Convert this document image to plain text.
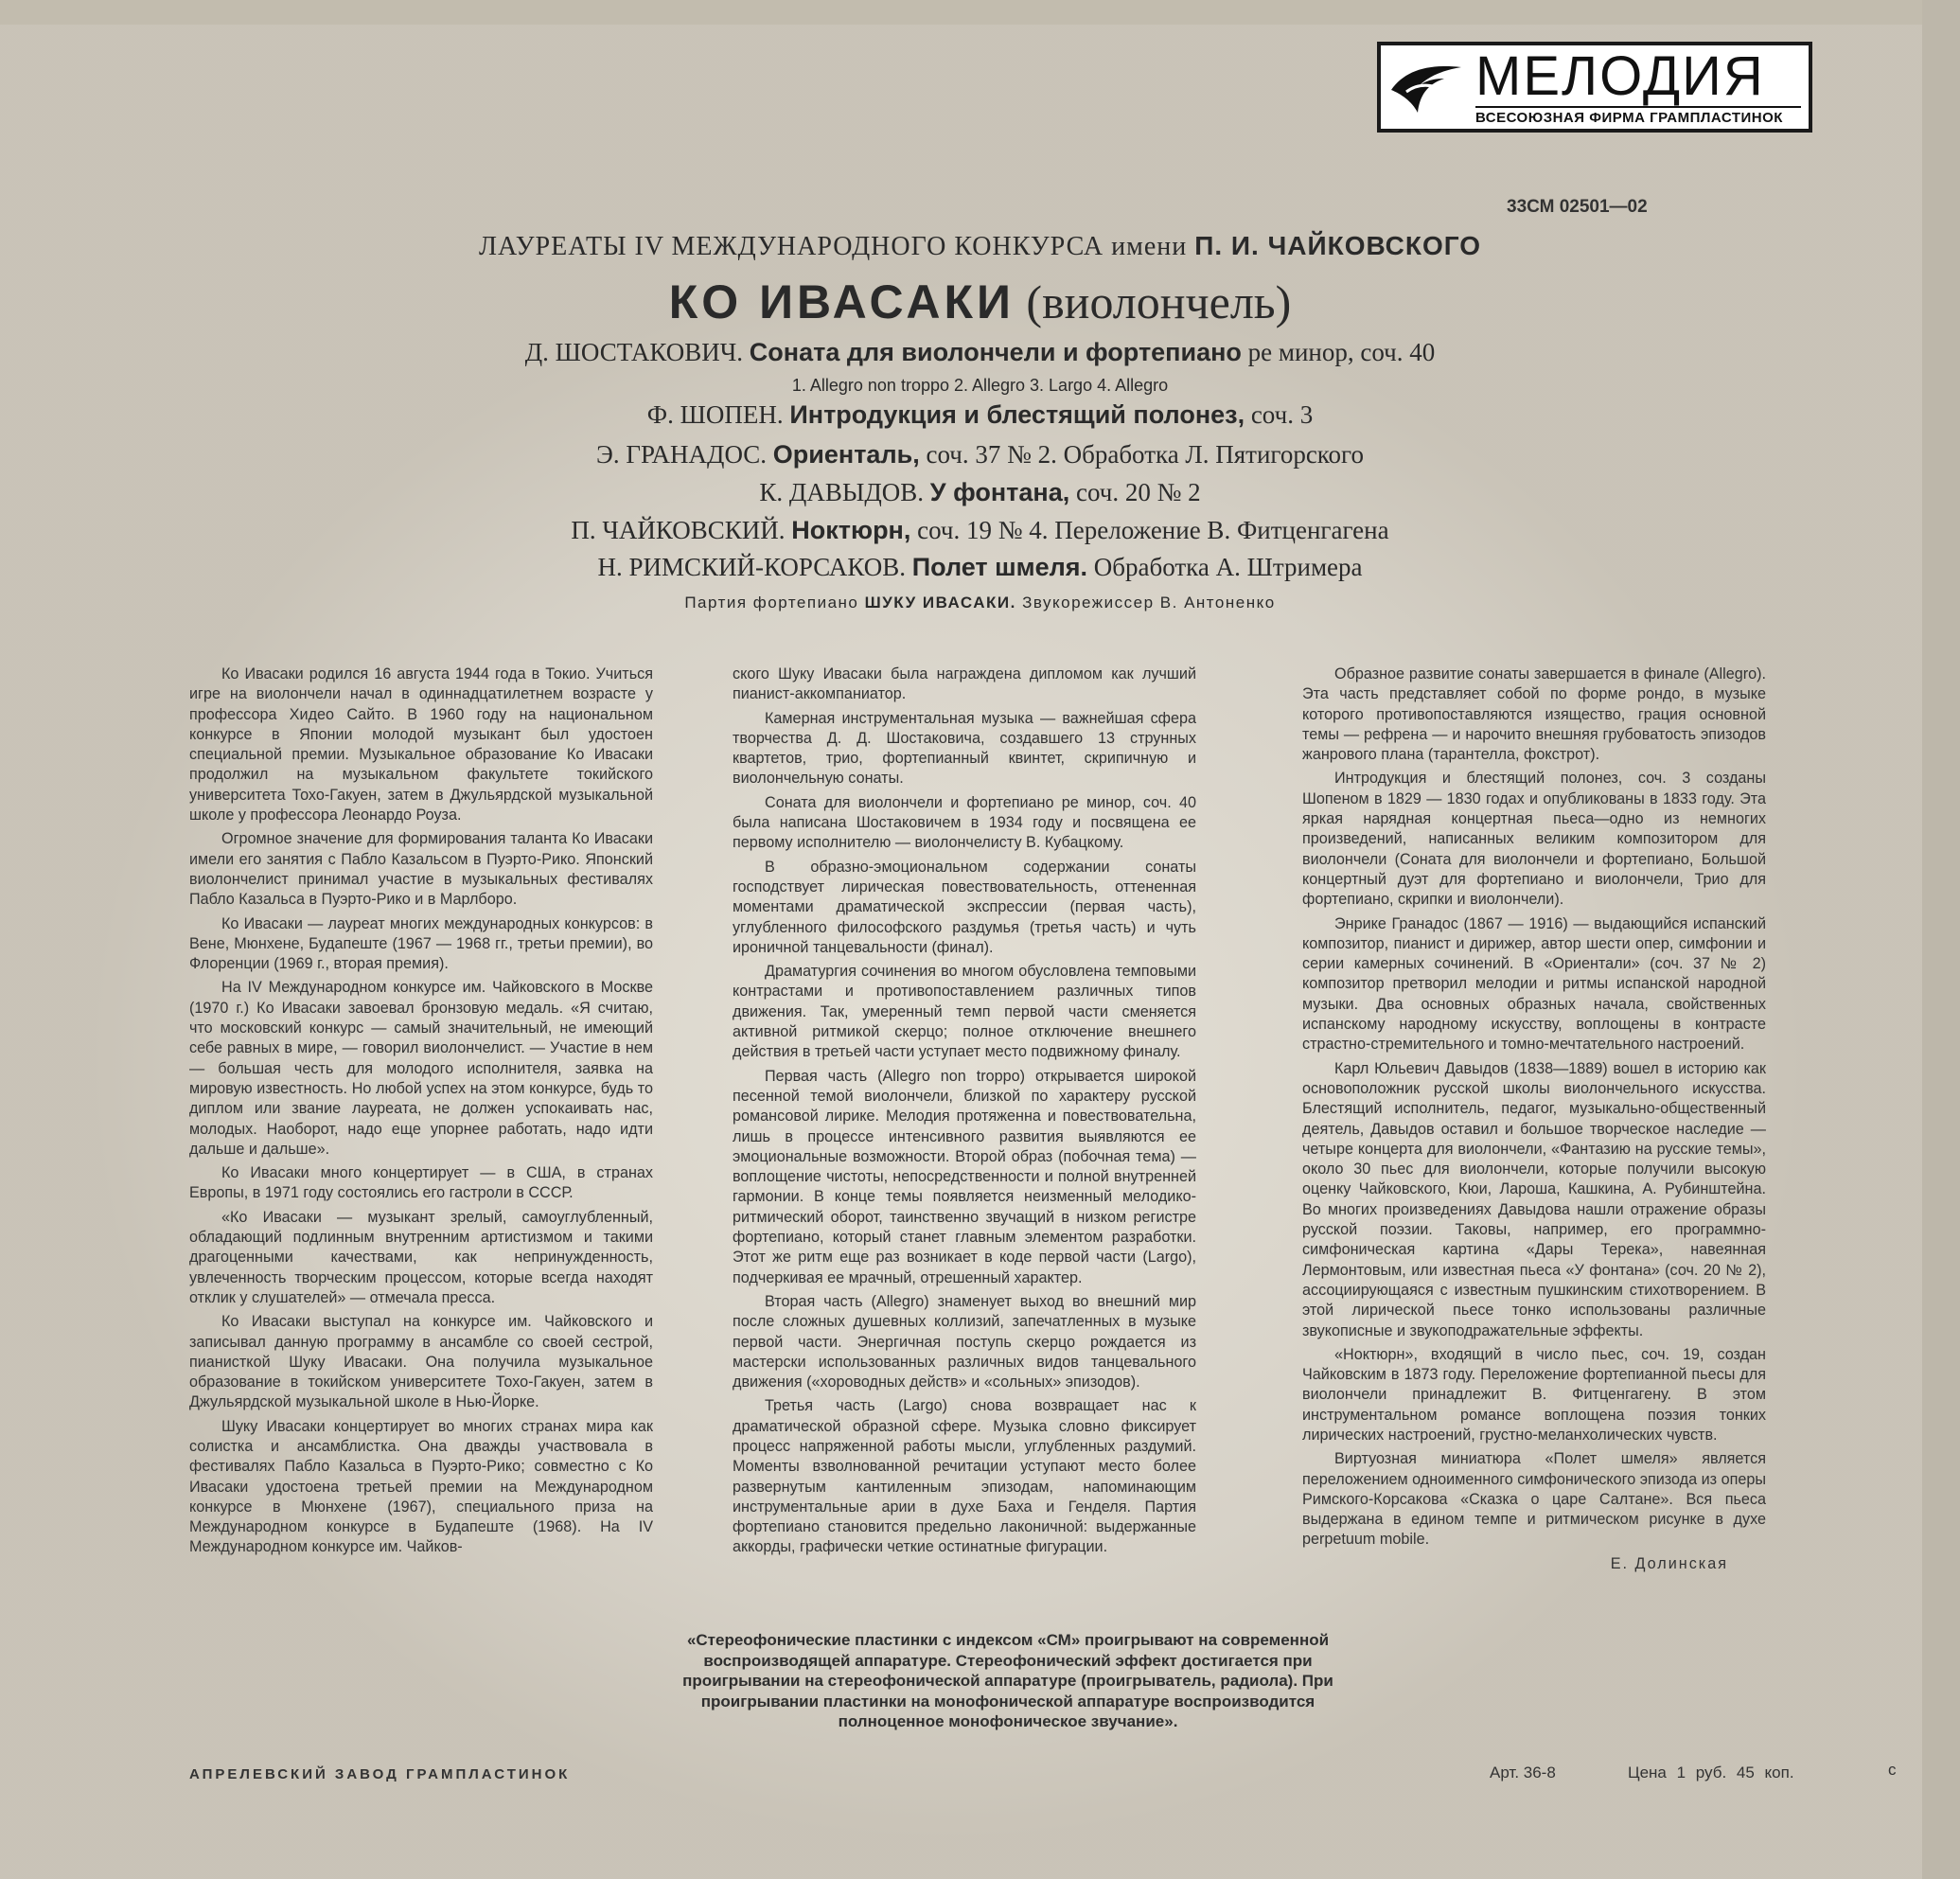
МЕЛОДИЯ
ВСЕСОЮЗНАЯ ФИРМА ГРАМПЛАСТИНОК
33СМ 02501—02
ЛАУРЕАТЫ IV МЕЖДУНАРОДНОГО КОНКУРСА имени П. И. ЧАЙКОВСКОГО
КО ИВАСАКИ (виолончель)
Д. ШОСТАКОВИЧ. Соната для виолончели и фортепиано ре минор, соч. 40
1. Allegro non troppo 2. Allegro 3. Largo 4. Allegro
Ф. ШОПЕН. Интродукция и блестящий полонез, соч. 3
Э. ГРАНАДОС. Ориенталь, соч. 37 № 2. Обработка Л. Пятигорского
К. ДАВЫДОВ. У фонтана, соч. 20 № 2
П. ЧАЙКОВСКИЙ. Ноктюрн, соч. 19 № 4. Переложение В. Фитценгагена
Н. РИМСКИЙ-КОРСАКОВ. Полет шмеля. Обработка А. Штримера
Партия фортепиано ШУКУ ИВАСАКИ. Звукорежиссер В. Антоненко

Ко Ивасаки родился 16 августа 1944 года в Токио. Учиться игре на виолончели начал в одиннадцатилетнем возрасте у профессора Хидео Сайто. В 1960 году на национальном конкурсе в Японии молодой музыкант был удостоен специальной премии. Музыкальное образование Ко Ивасаки продолжил на музыкальном факультете токийского университета Тохо-Гакуен, затем в Джульярдской музыкальной школе у профессора Леонардо Роуза.

Огромное значение для формирования таланта Ко Ивасаки имели его занятия с Пабло Казальсом в Пуэрто-Рико. Японский виолончелист принимал участие в музыкальных фестивалях Пабло Казальса в Пуэрто-Рико и в Марлборо.

Ко Ивасаки — лауреат многих международных конкурсов: в Вене, Мюнхене, Будапеште (1967 — 1968 гг., третьи премии), во Флоренции (1969 г., вторая премия).

На IV Международном конкурсе им. Чайковского в Москве (1970 г.) Ко Ивасаки завоевал бронзовую медаль. «Я считаю, что московский конкурс — самый значительный, не имеющий себе равных в мире, — говорил виолончелист. — Участие в нем — большая честь для молодого исполнителя, заявка на мировую известность. Но любой успех на этом конкурсе, будь то диплом или звание лауреата, не должен успокаивать нас, молодых. Наоборот, надо еще упорнее работать, надо идти дальше и дальше».

Ко Ивасаки много концертирует — в США, в странах Европы, в 1971 году состоялись его гастроли в СССР.

«Ко Ивасаки — музыкант зрелый, самоуглубленный, обладающий подлинным внутренним артистизмом и такими драгоценными качествами, как непринужденность, увлеченность творческим процессом, которые всегда находят отклик у слушателей» — отмечала пресса.

Ко Ивасаки выступал на конкурсе им. Чайковского и записывал данную программу в ансамбле со своей сестрой, пианисткой Шуку Ивасаки. Она получила музыкальное образование в токийском университете Тохо-Гакуен, затем в Джульярдской музыкальной школе в Нью-Йорке.

Шуку Ивасаки концертирует во многих странах мира как солистка и ансамблистка. Она дважды участвовала в фестивалях Пабло Казальса в Пуэрто-Рико; совместно с Ко Ивасаки удостоена третьей премии на Международном конкурсе в Мюнхене (1967), специального приза на Международном конкурсе в Будапеште (1968). На IV Международном конкурсе им. Чайков-

ского Шуку Ивасаки была награждена дипломом как лучший пианист-аккомпаниатор.

Камерная инструментальная музыка — важнейшая сфера творчества Д. Д. Шостаковича, создавшего 13 струнных квартетов, трио, фортепианный квинтет, скрипичную и виолончельную сонаты.

Соната для виолончели и фортепиано ре минор, соч. 40 была написана Шостаковичем в 1934 году и посвящена ее первому исполнителю — виолончелисту В. Кубацкому.

В образно-эмоциональном содержании сонаты господствует лирическая повествовательность, оттененная моментами драматической экспрессии (первая часть), углубленного философского раздумья (третья часть) и чуть ироничной танцевальности (финал).

Драматургия сочинения во многом обусловлена темповыми контрастами и противопоставлением различных типов движения. Так, умеренный темп первой части сменяется активной ритмикой скерцо; полное отключение внешнего действия в третьей части уступает место подвижному финалу.

Первая часть (Allegro non troppo) открывается широкой песенной темой виолончели, близкой по характеру русской романсовой лирике. Мелодия протяженна и повествовательна, лишь в процессе интенсивного развития выявляются ее эмоциональные возможности. Второй образ (побочная тема) — воплощение чистоты, непосредственности и полной внутренней гармонии. В конце темы появляется неизменный мелодико-ритмический оборот, таинственно звучащий в низком регистре фортепиано, который станет главным элементом разработки. Этот же ритм еще раз возникает в коде первой части (Largo), подчеркивая ее мрачный, отрешенный характер.

Вторая часть (Allegro) знаменует выход во внешний мир после сложных душевных коллизий, запечатленных в музыке первой части. Энергичная поступь скерцо рождается из мастерски использованных различных видов танцевального движения («хороводных действ» и «сольных» эпизодов).

Третья часть (Largo) снова возвращает нас к драматической образной сфере. Музыка словно фиксирует процесс напряженной работы мысли, углубленных раздумий. Моменты взволнованной речитации уступают место более развернутым кантиленным эпизодам, напоминающим инструментальные арии в духе Баха и Генделя. Партия фортепиано становится предельно лаконичной: выдержанные аккорды, графически четкие остинатные фигурации.

Образное развитие сонаты завершается в финале (Allegro). Эта часть представляет собой по форме рондо, в музыке которого противопоставляются изящество, грация основной темы — рефрена — и нарочито внешняя грубоватость эпизодов жанрового плана (тарантелла, фокстрот).

Интродукция и блестящий полонез, соч. 3 созданы Шопеном в 1829 — 1830 годах и опубликованы в 1833 году. Эта яркая нарядная концертная пьеса—одно из немногих произведений, написанных великим композитором для виолончели (Соната для виолончели и фортепиано, Большой концертный дуэт для фортепиано и виолончели, Трио для фортепиано, скрипки и виолончели).

Энрике Гранадос (1867 — 1916) — выдающийся испанский композитор, пианист и дирижер, автор шести опер, симфонии и серии камерных сочинений. В «Ориентали» (соч. 37 № 2) композитор претворил мелодии и ритмы испанской народной музыки. Два основных образных начала, свойственных испанскому народному искусству, воплощены в контрасте страстно-стремительного и томно-мечтательного настроений.

Карл Юльевич Давыдов (1838—1889) вошел в историю как основоположник русской школы виолончельного искусства. Блестящий исполнитель, педагог, музыкально-общественный деятель, Давыдов оставил и большое творческое наследие — четыре концерта для виолончели, «Фантазию на русские темы», около 30 пьес для виолончели, которые получили высокую оценку Чайковского, Кюи, Лароша, Кашкина, А. Рубинштейна. Во многих произведениях Давыдова нашли отражение образы русской поэзии. Таковы, например, его программно-симфоническая картина «Дары Терека», навеянная Лермонтовым, или известная пьеса «У фонтана» (соч. 20 № 2), ассоциирующаяся с известным пушкинским стихотворением. В этой лирической пьесе тонко использованы различные звукописные и звукоподражательные эффекты.

«Ноктюрн», входящий в число пьес, соч. 19, создан Чайковским в 1873 году. Переложение фортепианной пьесы для виолончели принадлежит В. Фитценгагену. В этом инструментальном романсе воплощена поэзия тонких лирических настроений, грустно-меланхолических чувств.

Виртуозная миниатюра «Полет шмеля» является переложением одноименного симфонического эпизода из оперы Римского-Корсакова «Сказка о царе Салтане». Вся пьеса выдержана в едином темпе и ритмическом рисунке в духе perpetuum mobile.

Е. Долинская
«Стереофонические пластинки с индексом «СМ» проигрывают на современной воспроизводящей аппаратуре. Стереофонический эффект достигается при проигрывании на стереофонической аппаратуре (проигрыватель, радиола). При проигрывании пластинки на монофонической аппаратуре воспроизводится полноценное монофоническое звучание».
АПРЕЛЕВСКИЙ ЗАВОД ГРАМПЛАСТИНОК	Арт. 36-8	Цена 1 руб. 45 коп.	с
